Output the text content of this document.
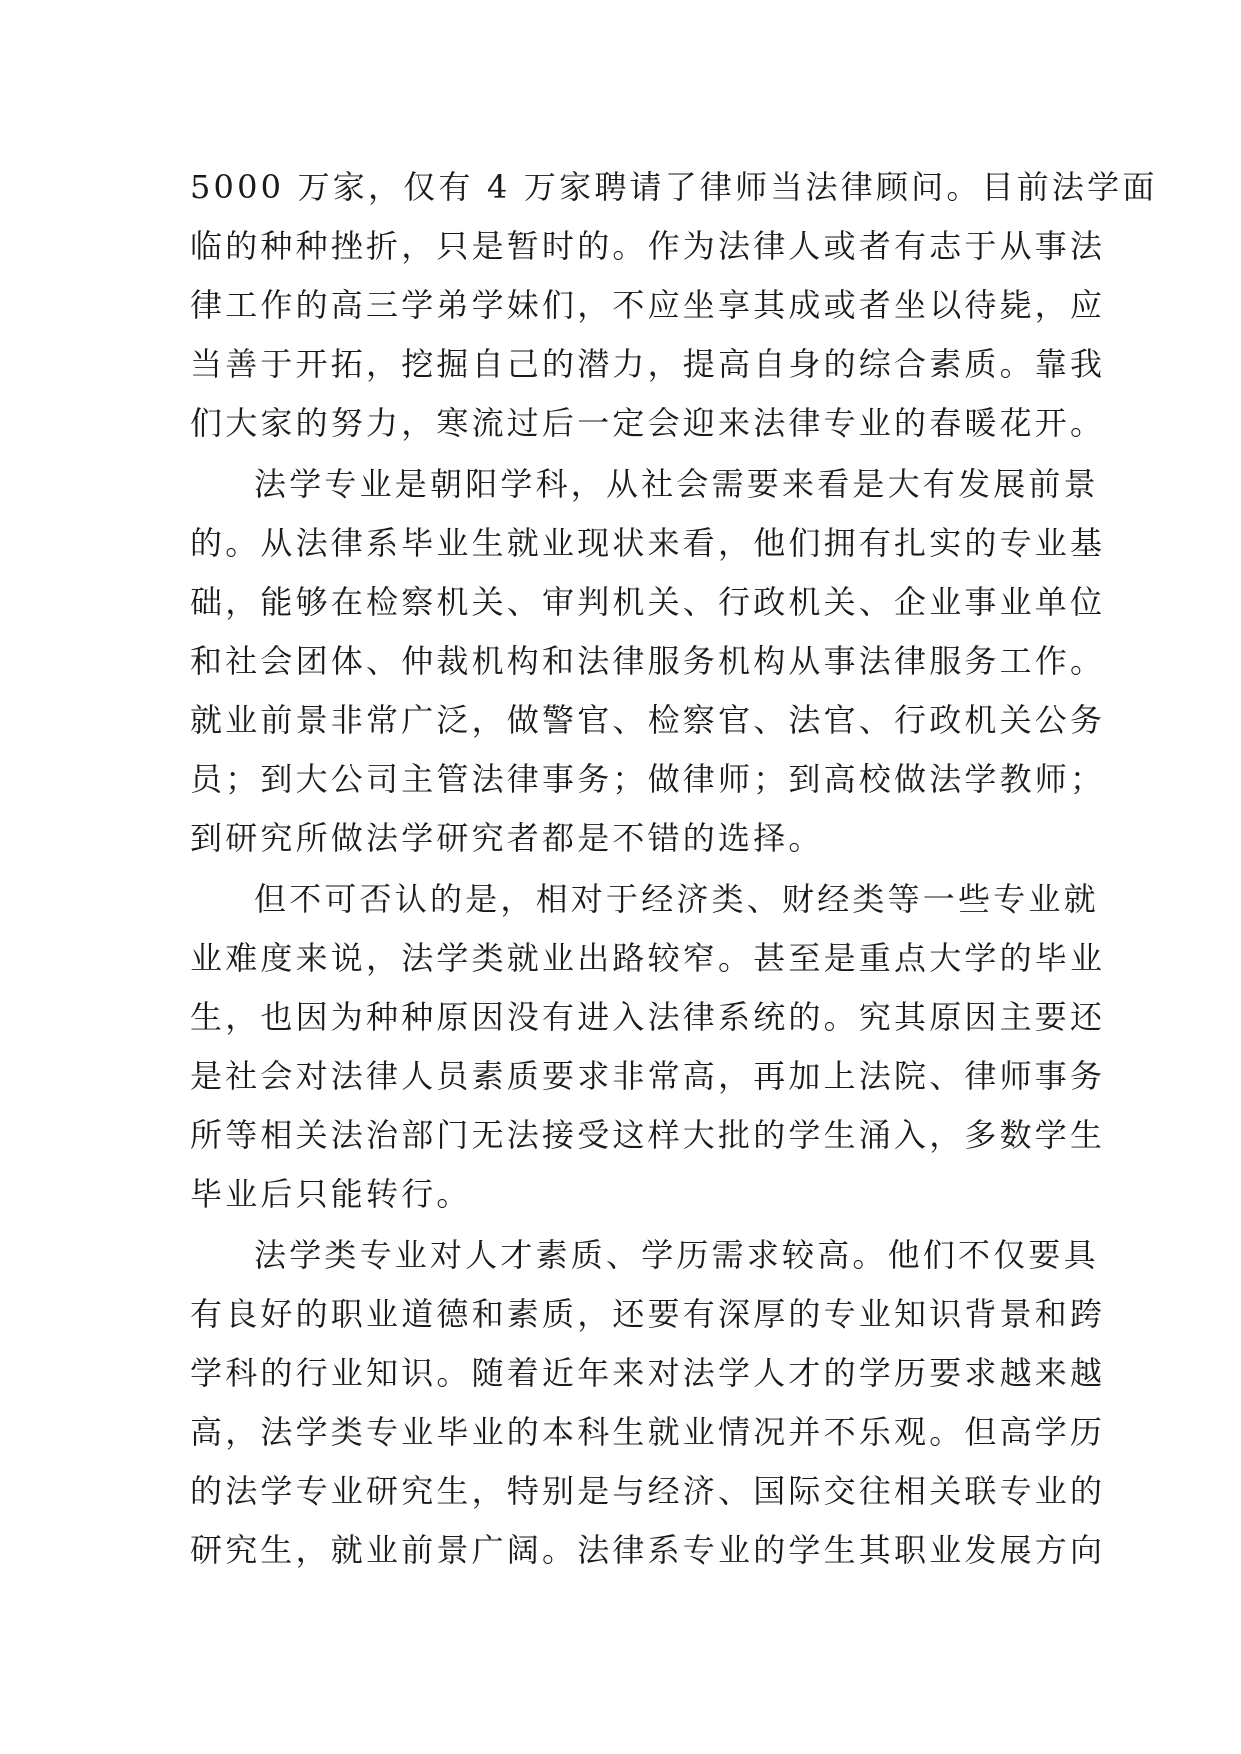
5000 万家，仅有 4 万家聘请了律师当法律顾问。目前法学面
临的种种挫折，只是暂时的。作为法律人或者有志于从事法
律工作的高三学弟学妹们，不应坐享其成或者坐以待毙，应
当善于开拓，挖掘自己的潜力，提高自身的综合素质。靠我
们大家的努力，寒流过后一定会迎来法律专业的春暖花开。
法学专业是朝阳学科，从社会需要来看是大有发展前景
的。从法律系毕业生就业现状来看，他们拥有扎实的专业基
础，能够在检察机关、审判机关、行政机关、企业事业单位
和社会团体、仲裁机构和法律服务机构从事法律服务工作。
就业前景非常广泛，做警官、检察官、法官、行政机关公务
员；到大公司主管法律事务；做律师；到高校做法学教师；
到研究所做法学研究者都是不错的选择。
但不可否认的是，相对于经济类、财经类等一些专业就
业难度来说，法学类就业出路较窄。甚至是重点大学的毕业
生，也因为种种原因没有进入法律系统的。究其原因主要还
是社会对法律人员素质要求非常高，再加上法院、律师事务
所等相关法治部门无法接受这样大批的学生涌入，多数学生
毕业后只能转行。
法学类专业对人才素质、学历需求较高。他们不仅要具
有良好的职业道德和素质，还要有深厚的专业知识背景和跨
学科的行业知识。随着近年来对法学人才的学历要求越来越
高，法学类专业毕业的本科生就业情况并不乐观。但高学历
的法学专业研究生，特别是与经济、国际交往相关联专业的
研究生，就业前景广阔。法律系专业的学生其职业发展方向
